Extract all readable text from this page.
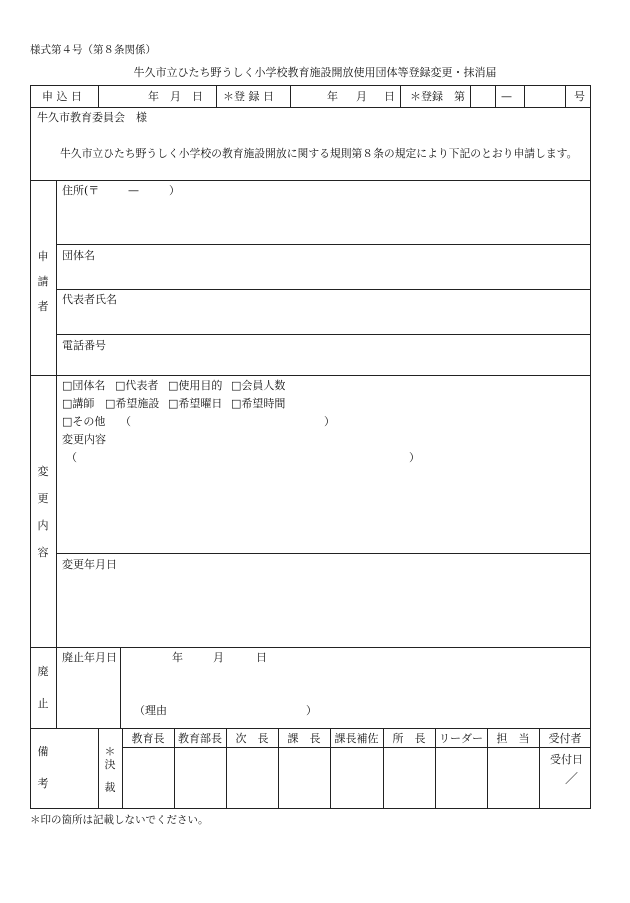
様式第４号（第８条関係）
牛久市立ひたち野うしく小学校教育施設開放使用団体等登録変更・抹消届
申 込 日	年 月 日 ＊登 録 日	年 月 日 ＊登録　第	—	号
牛久市教育委員会　様
牛久市立ひたち野うしく小学校の教育施設開放に関する規則第８条の規定により下記のとおり申請します。
申
請
者
住所(〒	—	）
団体名
代表者氏名
電話番号
変
更
内
容
□団体名 □代表者 □使用目的 □会員人数
□講師 □希望施設 □希望曜日 □希望時間
□その他 （	）
変更内容
（	）
変更年月日
廃
止
廃止年月日	年	月	日
（理由	）
備
考
＊
決
裁
教育長	教育部長	次　長	課　長	課長補佐	所　長	リーダー	担　当	受付者
受付日
／
＊印の箇所は記載しないでください。
